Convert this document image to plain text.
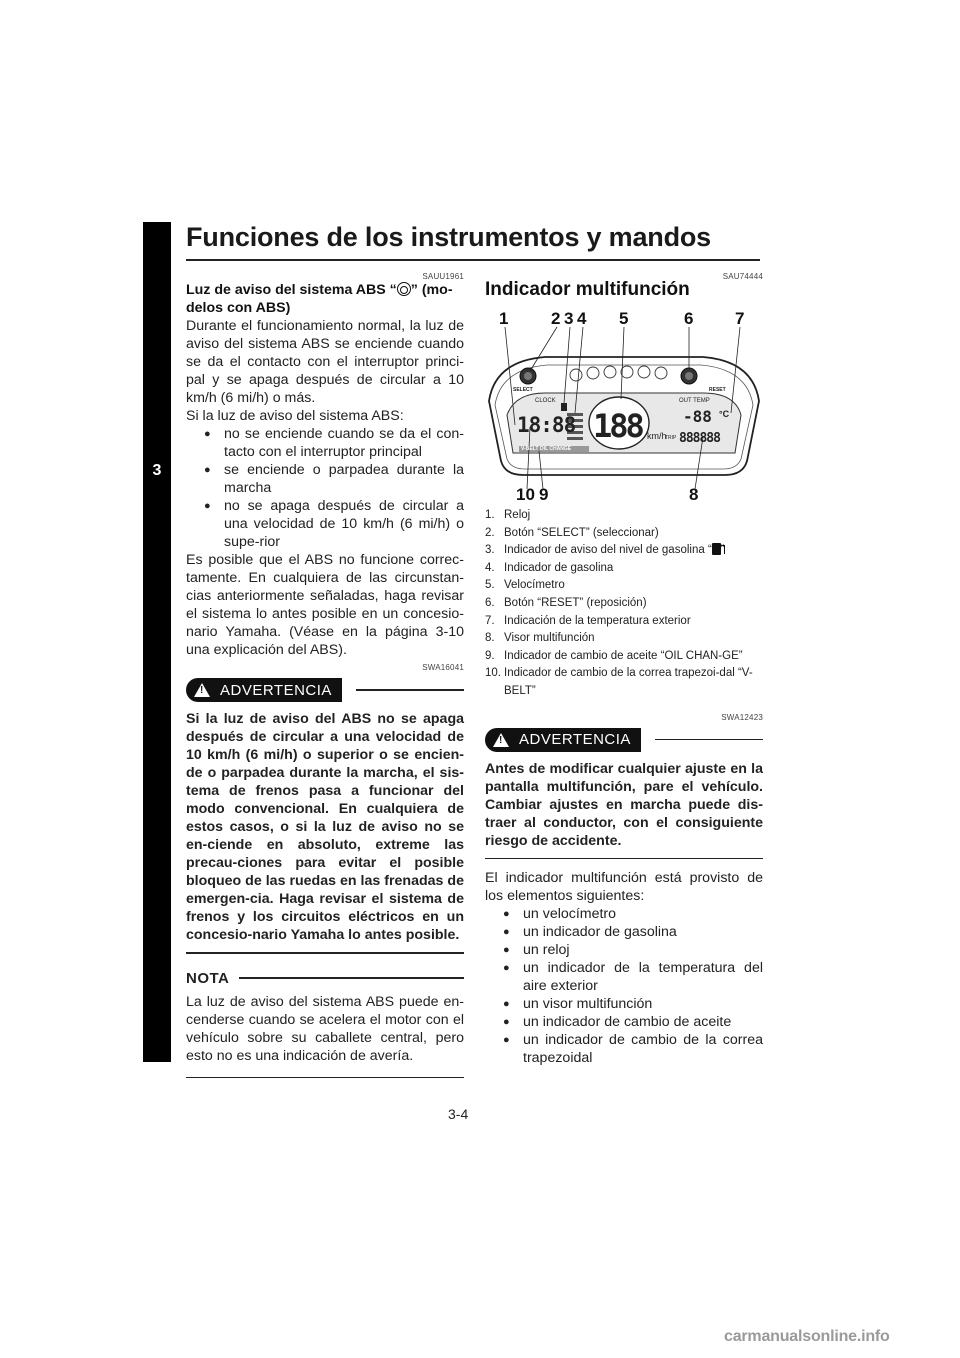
Funciones de los instrumentos y mandos
3
SAUU1961
Luz de aviso del sistema ABS “ ” (mo-delos con ABS)

Durante el funcionamiento normal, la luz de aviso del sistema ABS se enciende cuando se da el contacto con el interruptor princi-pal y se apaga después de circular a 10 km/h (6 mi/h) o más.

Si la luz de aviso del sistema ABS:

● no se enciende cuando se da el con-tacto con el interruptor principal
● se enciende o parpadea durante la marcha
● no se apaga después de circular a una velocidad de 10 km/h (6 mi/h) o supe-rior

Es posible que el ABS no funcione correc-tamente. En cualquiera de las circunstan-cias anteriormente señaladas, haga revisar el sistema lo antes posible en un concesio-nario Yamaha. (Véase en la página 3-10 una explicación del ABS).

SWA16041
!
ADVERTENCIA

Si la luz de aviso del ABS no se apaga después de circular a una velocidad de 10 km/h (6 mi/h) o superior o se encien-de o parpadea durante la marcha, el sis-tema de frenos pasa a funcionar del modo convencional. En cualquiera de estos casos, o si la luz de aviso no se en-ciende en absoluto, extreme las precau-ciones para evitar el posible bloqueo de las ruedas en las frenadas de emergen-cia. Haga revisar el sistema de frenos y los circuitos eléctricos en un concesio-nario Yamaha lo antes posible.

NOTA

La luz de aviso del sistema ABS puede en-cenderse cuando se acelera el motor con el vehículo sobre su caballete central, pero esto no es una indicación de avería.

SAU74444
Indicador multifunción
SELECT	RESET
CLOCK	OUT TEMP
18:88 188 km/h
-88 °C
888888
TRIP
V-BELT OIL CHANGE
1	2 3 4 5	6 7
8
9
10
1. Reloj
2. Botón “SELECT” (seleccionar)
3. Indicador de aviso del nivel de gasolina “
4. Indicador de gasolina
5. Velocímetro
6. Botón “RESET” (reposición)
7. Indicación de la temperatura exterior
8. Visor multifunción
9. Indicador de cambio de aceite “OIL CHAN-GE”
10. Indicador de cambio de la correa trapezoi-dal “V-BELT”
SWA12423
!
ADVERTENCIA

Antes de modificar cualquier ajuste en la pantalla multifunción, pare el vehículo. Cambiar ajustes en marcha puede dis-traer al conductor, con el consiguiente riesgo de accidente.

El indicador multifunción está provisto de los elementos siguientes:

● un velocímetro
● un indicador de gasolina
● un reloj
● un indicador de la temperatura del aire exterior
● un visor multifunción
● un indicador de cambio de aceite
● un indicador de cambio de la correa trapezoidal
3-4
carmanualsonline.info
